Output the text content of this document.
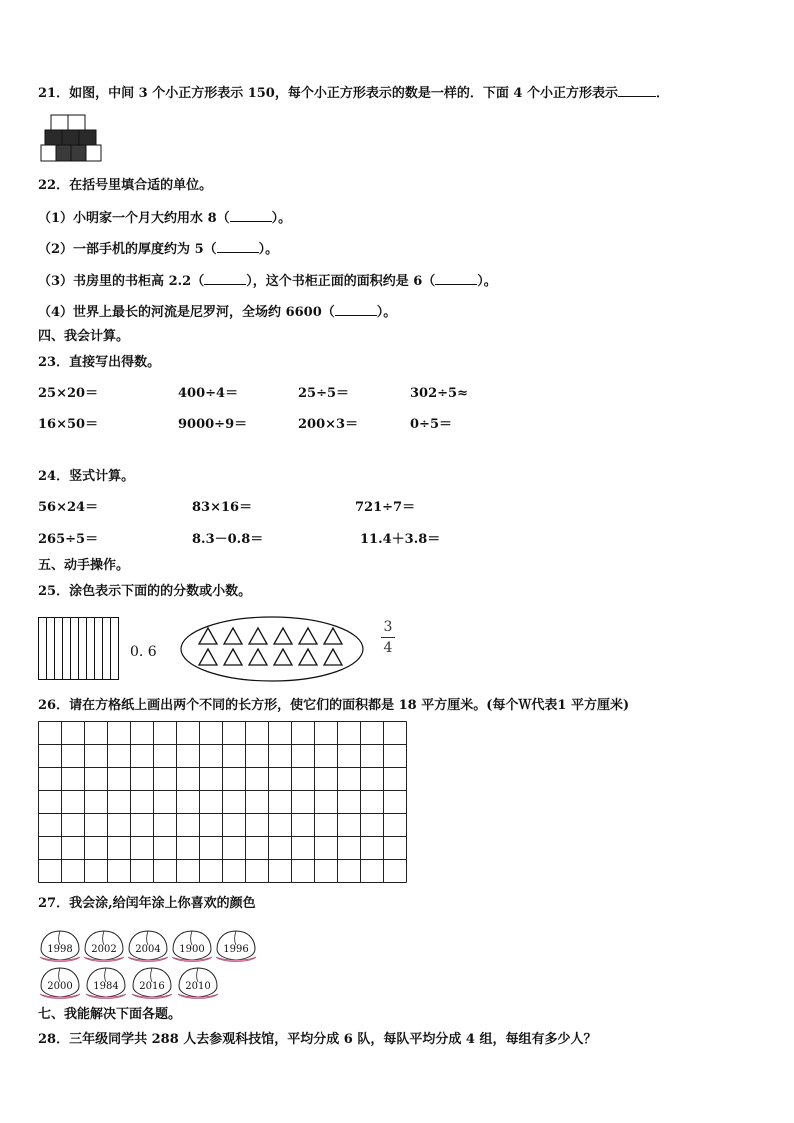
21．如图，中间 3 个小正方形表示 150，每个小正方形表示的数是一样的．下面 4 个小正方形表示	．
22．在括号里填合适的单位。
（1）小明家一个月大约用水 8（	）。
（2）一部手机的厚度约为 5（	）。
（3）书房里的书柜高 2.2（	），这个书柜正面的面积约是 6（	）。
（4）世界上最长的河流是尼罗河，全场约 6600（	）。
四、我会计算。
23．直接写出得数。
25×20＝	400÷4＝	25÷5＝	302÷5≈
16×50＝	9000÷9＝	200×3＝	0÷5＝
24．竖式计算。
56×24＝	83×16＝	721÷7＝
265÷5＝	8.3－0.8＝	11.4＋3.8＝
五、动手操作。
25．涂色表示下面的的分数或小数。
0. 6
3
4
26．请在方格纸上画出两个不同的长方形，使它们的面积都是 18 平方厘米。(每个Ｗ代表1 平方厘米)
27．我会涂,给闰年涂上你喜欢的颜色
七、我能解决下面各题。
28．三年级同学共 288 人去参观科技馆，平均分成 6 队，每队平均分成 4 组，每组有多少人？
1998 2002 2004 1900 1996
2000 1984 2016 2010
